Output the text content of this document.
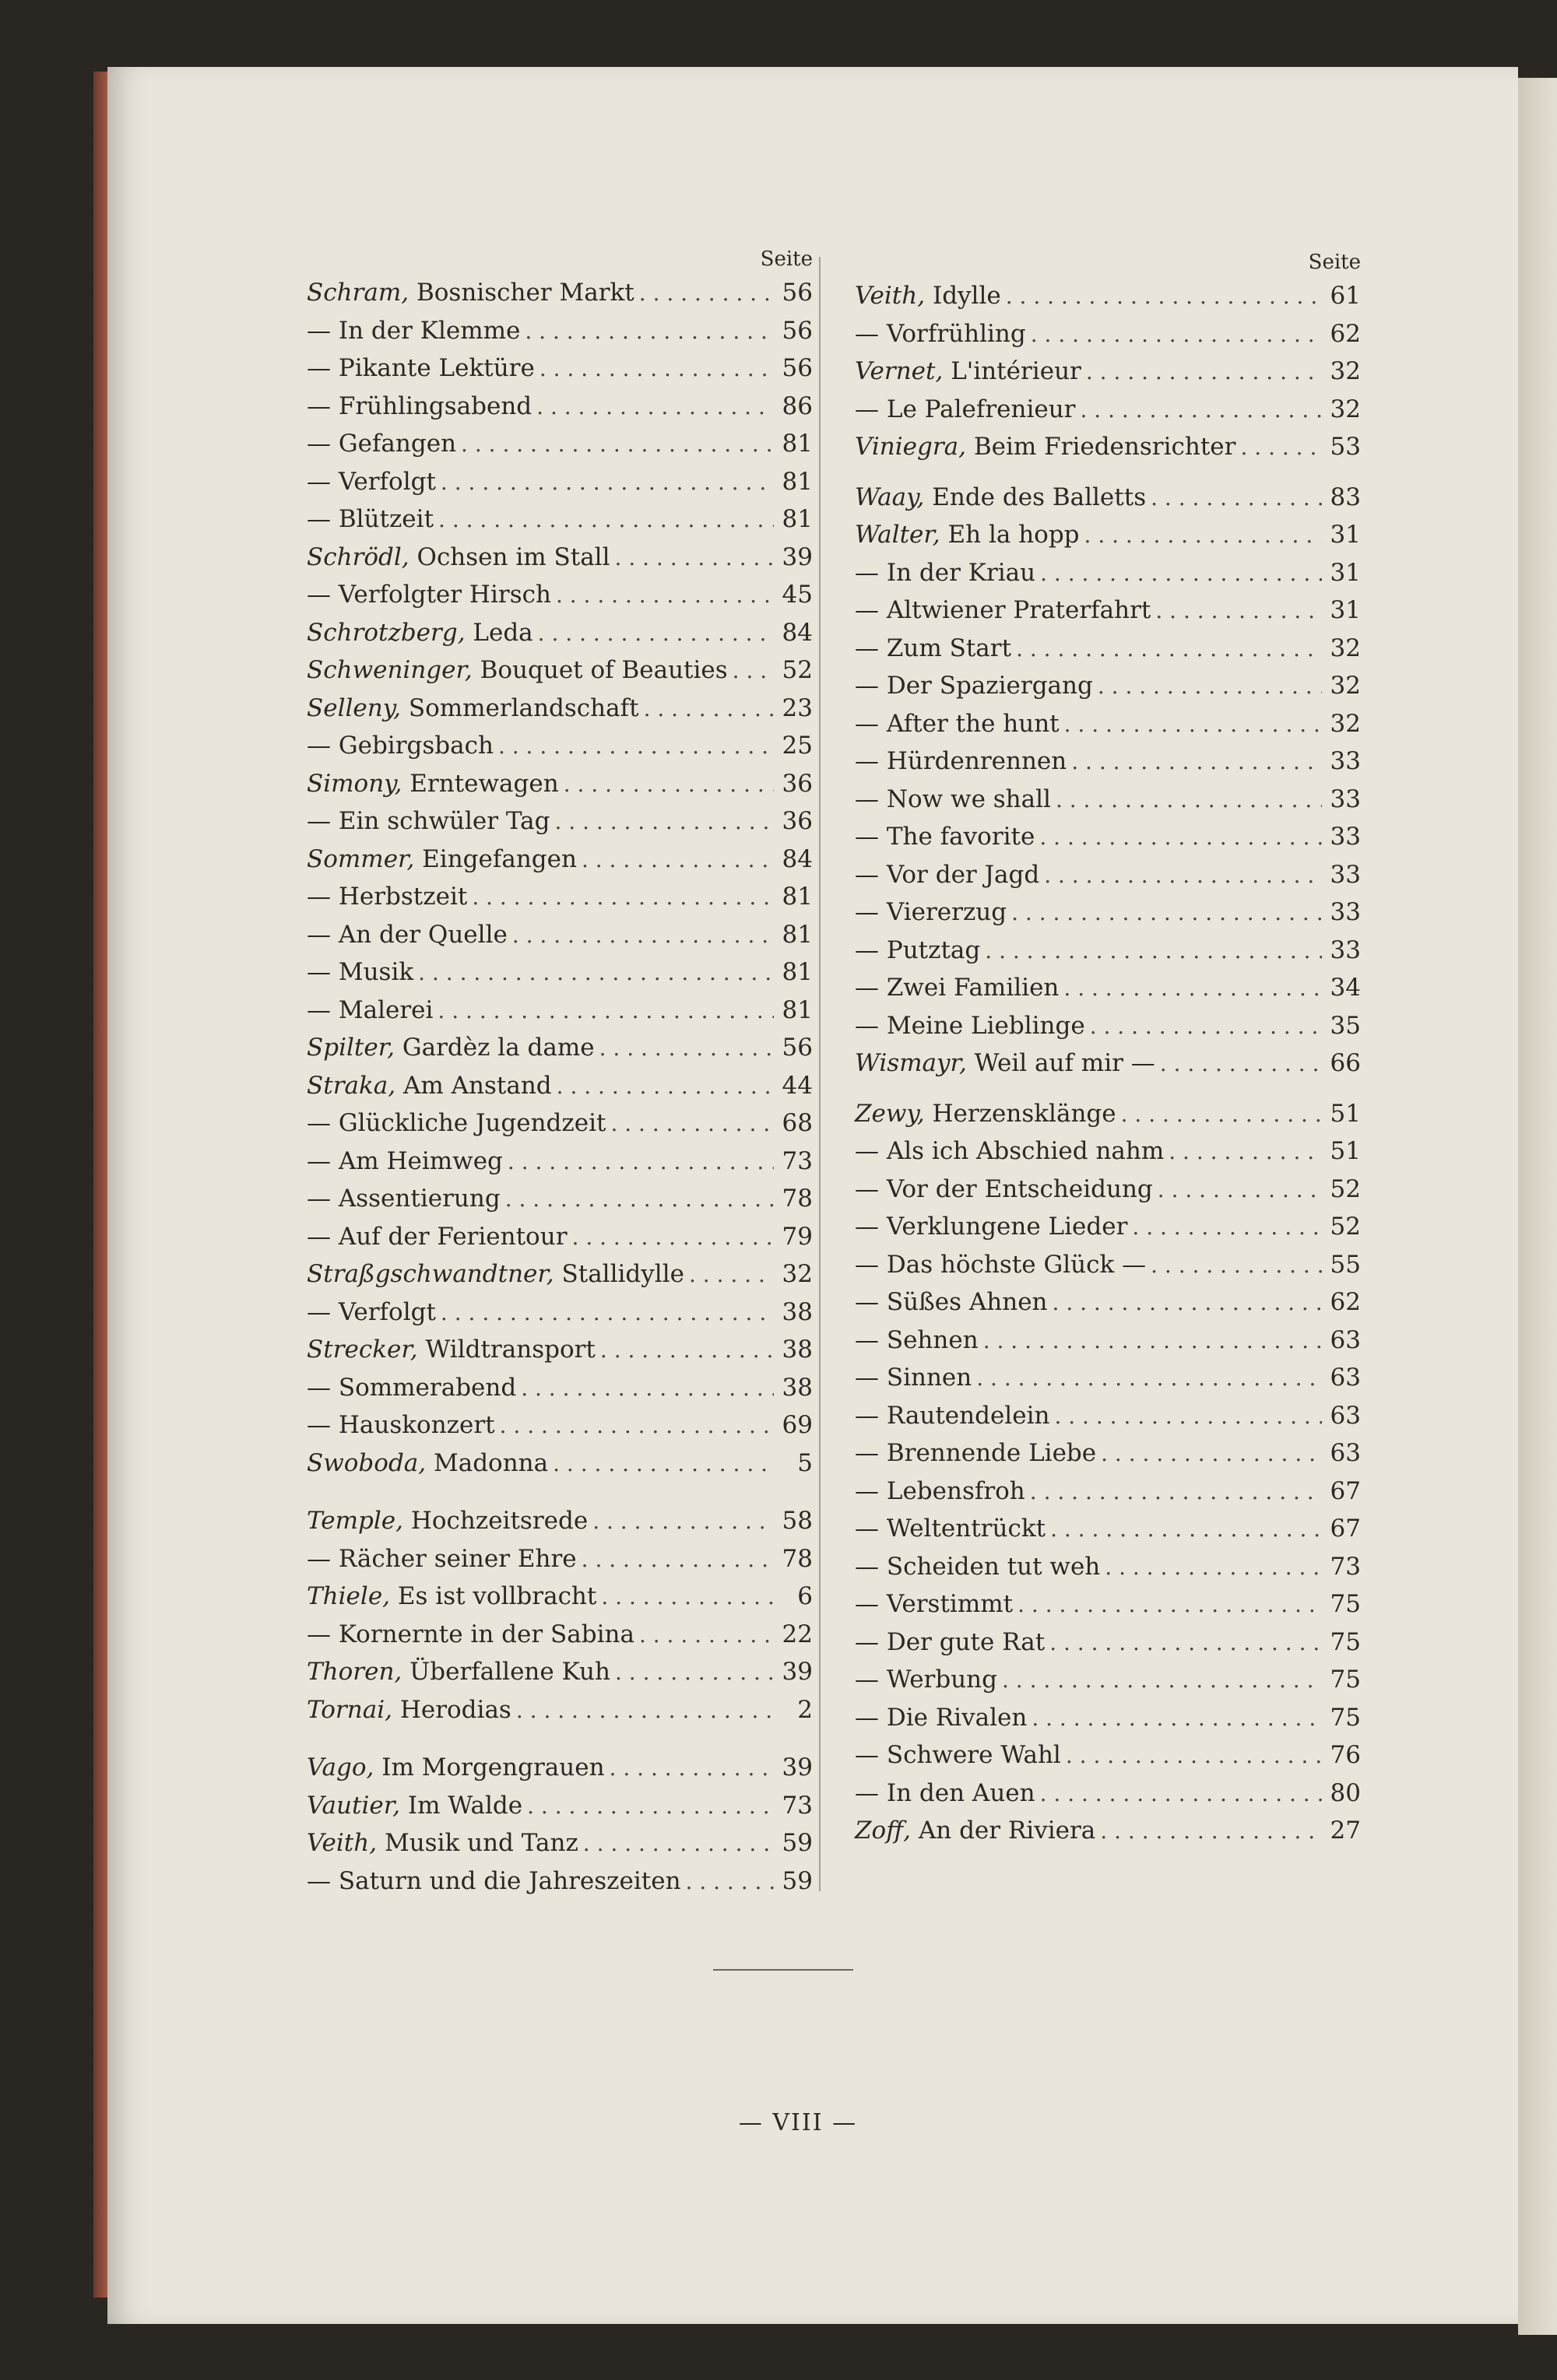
Seite
Schram, Bosnischer Markt . . .	56
— In der Klemme . . .	56
— Pikante Lektüre . . .	56
— Frühlingsabend . . .	86
— Gefangen . . .	81
— Verfolgt . . .	81
— Blützeit . . .	81
Schrödl, Ochsen im Stall . . .	39
— Verfolgter Hirsch . . .	45
Schrotzberg, Leda . . .	84
Schweninger, Bouquet of Beauties . . . 52
Selleny, Sommerlandschaft . . .	23
— Gebirgsbach . . .	25
Simony, Erntewagen . . .	36
— Ein schwüler Tag . . .	36
Sommer, Eingefangen . . .	84
— Herbstzeit . . .	81
— An der Quelle . . .	81
— Musik . . .	81
— Malerei . . .	81
Spilter, Gardèz la dame . . .	56
Straka, Am Anstand . . .	44
— Glückliche Jugendzeit . . .	68
— Am Heimweg . . .	73
— Assentierung . . .	78
— Auf der Ferientour . . .	79
Straßgschwandtner, Stallidylle . . .	32
— Verfolgt . . .	38
Strecker, Wildtransport . . .	38
— Sommerabend . . .	38
— Hauskonzert . . .	69
Swoboda, Madonna . . .	5
Temple, Hochzeitsrede . . .	58
— Rächer seiner Ehre . . .	78
Thiele, Es ist vollbracht . . .	6
— Kornernte in der Sabina . . .	22
Thoren, Überfallene Kuh . . .	39
Tornai, Herodias . . .	2
Vago, Im Morgengrauen . . .	39
Vautier, Im Walde . . .	73
Veith, Musik und Tanz . . .	59
— Saturn und die Jahreszeiten . . .	59
Seite
Veith, Idylle . . .	61
— Vorfrühling . . .	62
Vernet, L'intérieur . . .	32
— Le Palefrenieur . . .	32
Viniegra, Beim Friedensrichter . . .	53
Waay, Ende des Balletts . . .	83
Walter, Eh la hopp . . .	31
— In der Kriau . . .	31
— Altwiener Praterfahrt . . .	31
— Zum Start . . .	32
— Der Spaziergang . . .	32
— After the hunt . . .	32
— Hürdenrennen . . .	33
— Now we shall . . .	33
— The favorite . . .	33
— Vor der Jagd . . .	33
— Viererzug . . .	33
— Putztag . . .	33
— Zwei Familien . . .	34
— Meine Lieblinge . . .	35
Wismayr, Weil auf mir — . . .	66
Zewy, Herzensklänge . . .	51
— Als ich Abschied nahm . . .	51
— Vor der Entscheidung . . .	52
— Verklungene Lieder . . .	52
— Das höchste Glück — . . .	55
— Süßes Ahnen . . .	62
— Sehnen . . .	63
— Sinnen . . .	63
— Rautendelein . . .	63
— Brennende Liebe . . .	63
— Lebensfroh . . .	67
— Weltentrückt . . .	67
— Scheiden tut weh . . .	73
— Verstimmt . . .	75
— Der gute Rat . . .	75
— Werbung . . .	75
— Die Rivalen . . .	75
— Schwere Wahl . . .	76
— In den Auen . . .	80
Zoff, An der Riviera . . .	27
— VIII —
